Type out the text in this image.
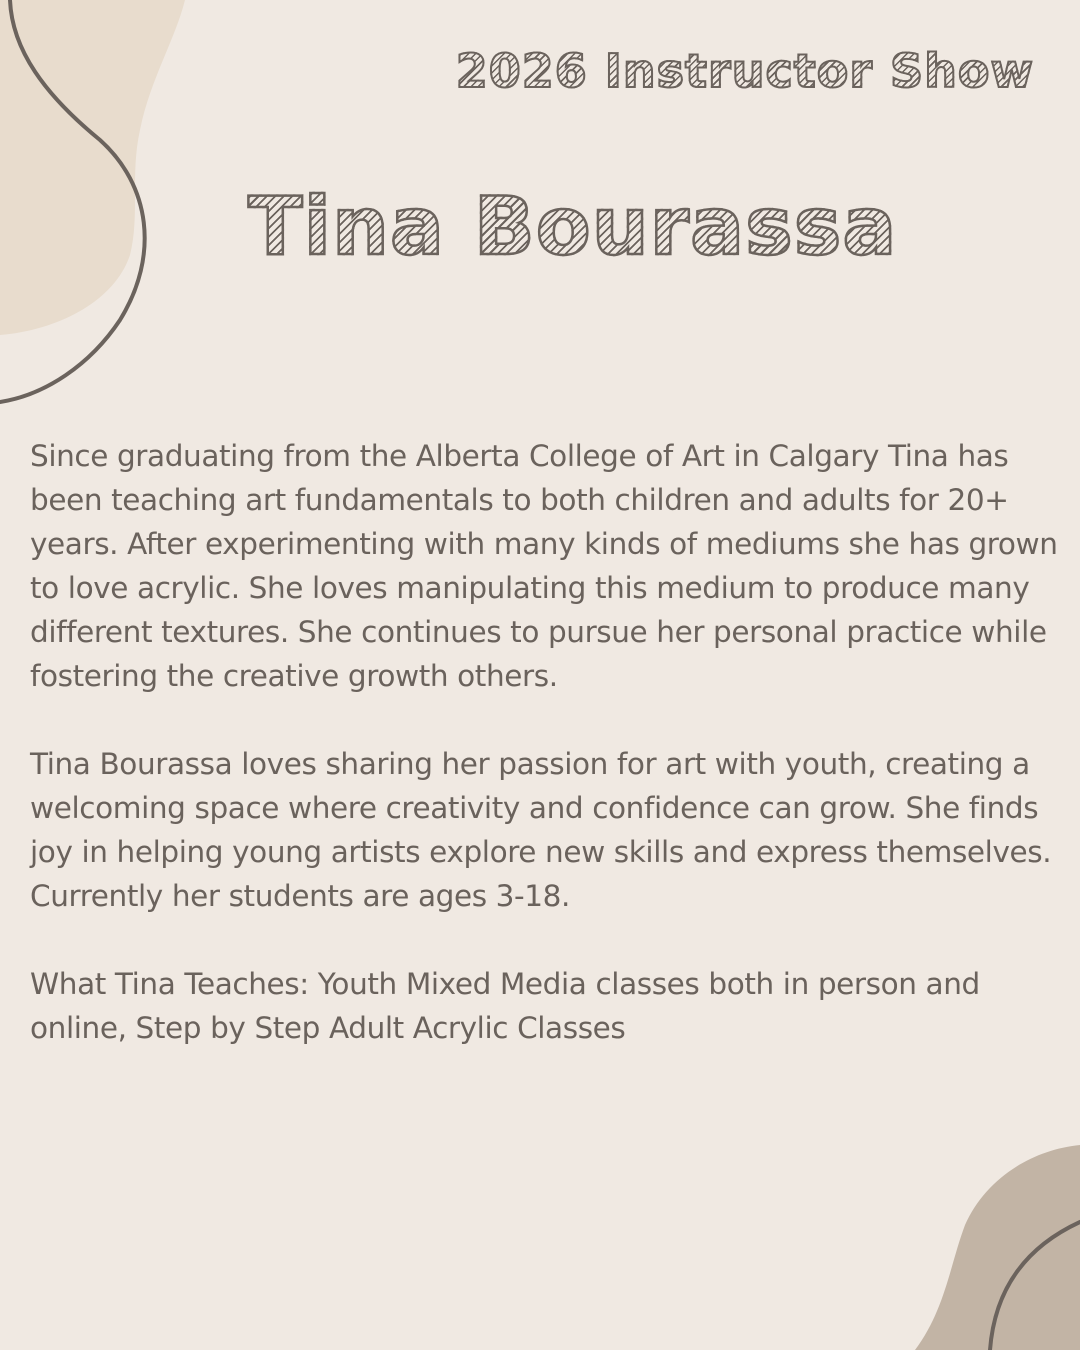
2026 Instructor Show
Tina Bourassa

Since graduating from the Alberta College of Art in Calgary Tina has been teaching art fundamentals to both children and adults for 20+ years. After experimenting with many kinds of mediums she has grown to love acrylic. She loves manipulating this medium to produce many different textures. She continues to pursue her personal practice while fostering the creative growth others.

Tina Bourassa loves sharing her passion for art with youth, creating a welcoming space where creativity and confidence can grow. She finds joy in helping young artists explore new skills and express themselves. Currently her students are ages 3-18.

What Tina Teaches: Youth Mixed Media classes both in person and online, Step by Step Adult Acrylic Classes
